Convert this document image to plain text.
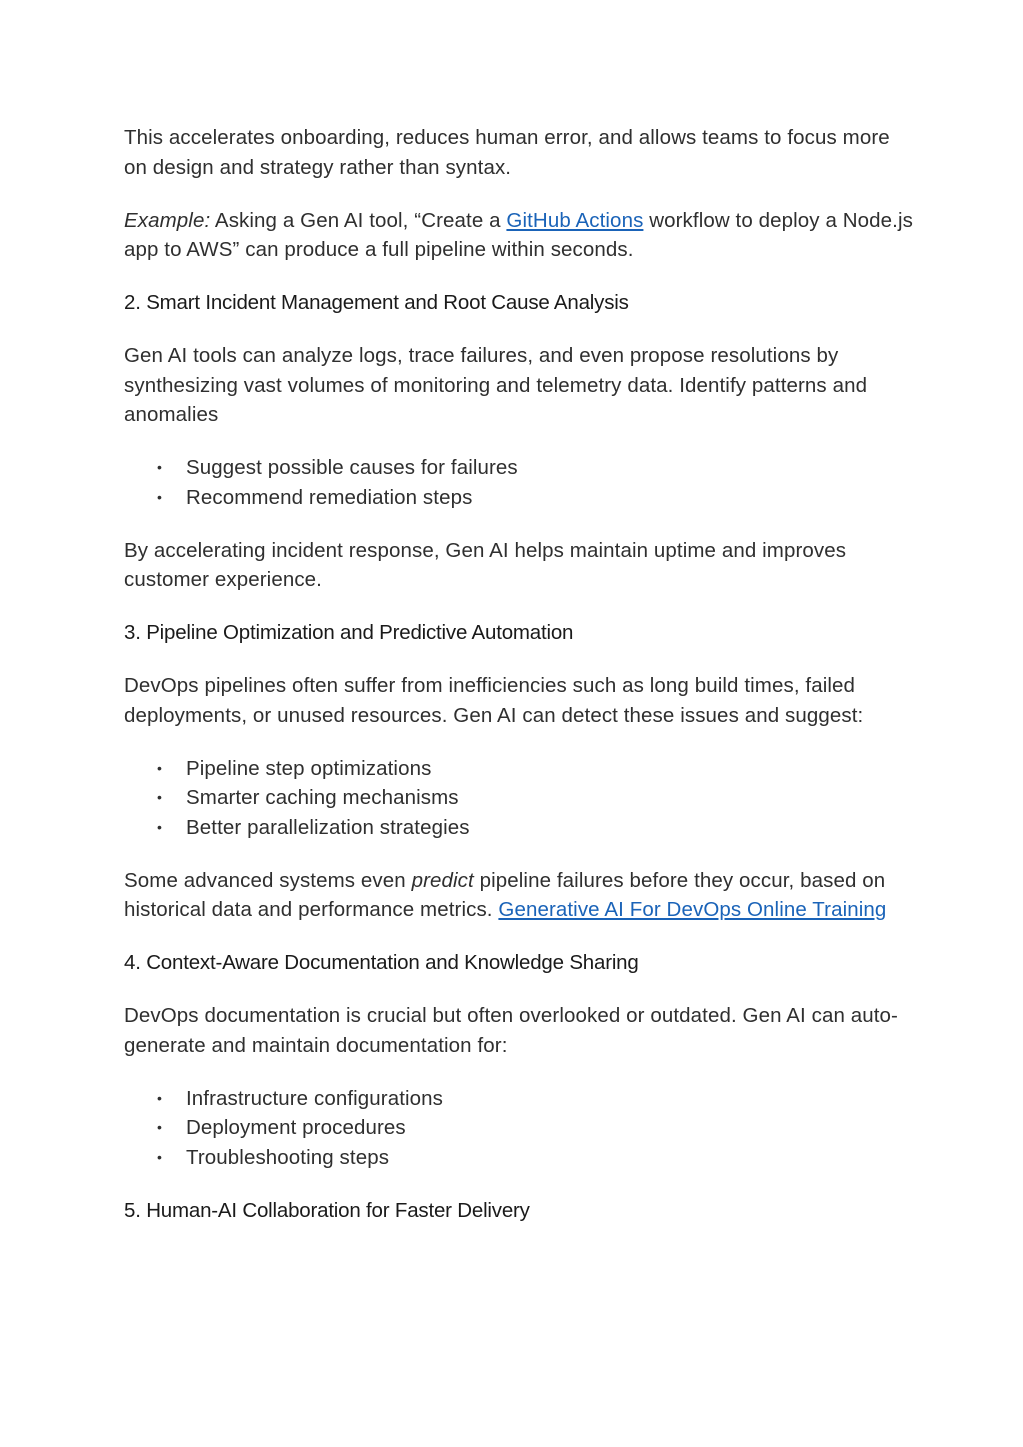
This accelerates onboarding, reduces human error, and allows teams to focus more on design and strategy rather than syntax.

Example: Asking a Gen AI tool, “Create a GitHub Actions workflow to deploy a Node.js app to AWS” can produce a full pipeline within seconds.

2. Smart Incident Management and Root Cause Analysis

Gen AI tools can analyze logs, trace failures, and even propose resolutions by synthesizing vast volumes of monitoring and telemetry data. Identify patterns and anomalies

• Suggest possible causes for failures
• Recommend remediation steps

By accelerating incident response, Gen AI helps maintain uptime and improves customer experience.

3. Pipeline Optimization and Predictive Automation

DevOps pipelines often suffer from inefficiencies such as long build times, failed deployments, or unused resources. Gen AI can detect these issues and suggest:

• Pipeline step optimizations
• Smarter caching mechanisms
• Better parallelization strategies

Some advanced systems even predict pipeline failures before they occur, based on historical data and performance metrics. Generative AI For DevOps Online Training

4. Context-Aware Documentation and Knowledge Sharing

DevOps documentation is crucial but often overlooked or outdated. Gen AI can auto-generate and maintain documentation for:

• Infrastructure configurations
• Deployment procedures
• Troubleshooting steps
5. Human-AI Collaboration for Faster Delivery
